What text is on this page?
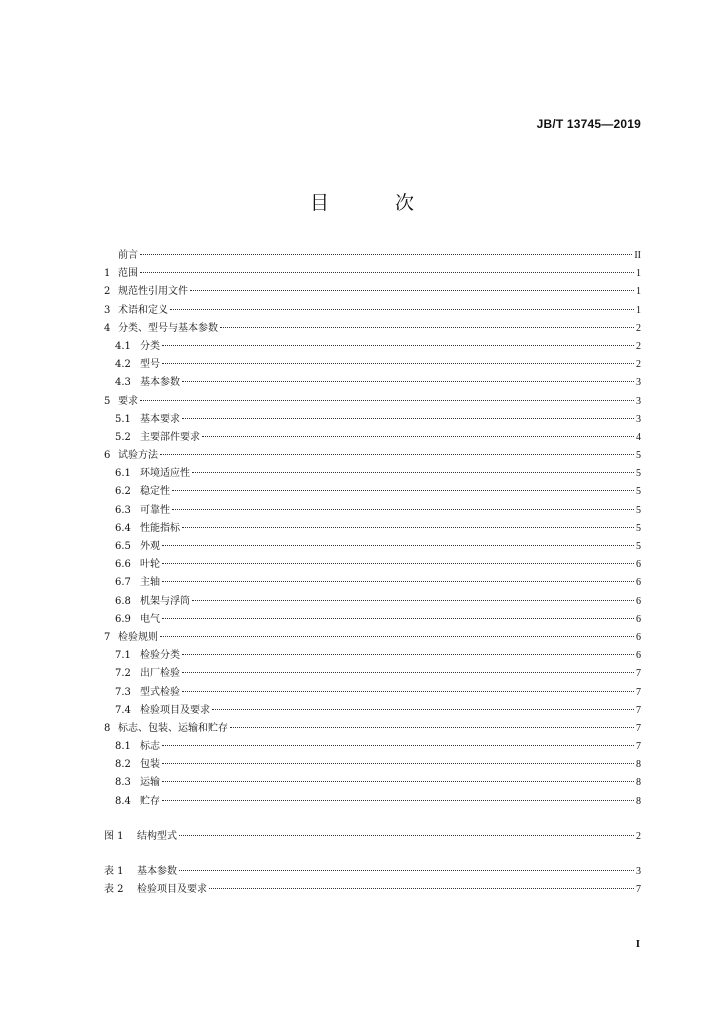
JB/T 13745—2019
目 次
前言	II
1 范围	1
2 规范性引用文件	1
3 术语和定义	1
4 分类、型号与基本参数	2
4.1 分类	2
4.2 型号	2
4.3 基本参数	3
5 要求	3
5.1 基本要求	3
5.2 主要部件要求	4
6 试验方法	5
6.1 环境适应性	5
6.2 稳定性	5
6.3 可靠性	5
6.4 性能指标	5
6.5 外观	5
6.6 叶轮	6
6.7 主轴	6
6.8 机架与浮筒	6
6.9 电气	6
7 检验规则	6
7.1 检验分类	6
7.2 出厂检验	7
7.3 型式检验	7
7.4 检验项目及要求	7
8 标志、包装、运输和贮存	7
8.1 标志	7
8.2 包装	8
8.3 运输	8
8.4 贮存	8
图 1	结构型式	2
表 1	基本参数	3
表 2	检验项目及要求	7
I
